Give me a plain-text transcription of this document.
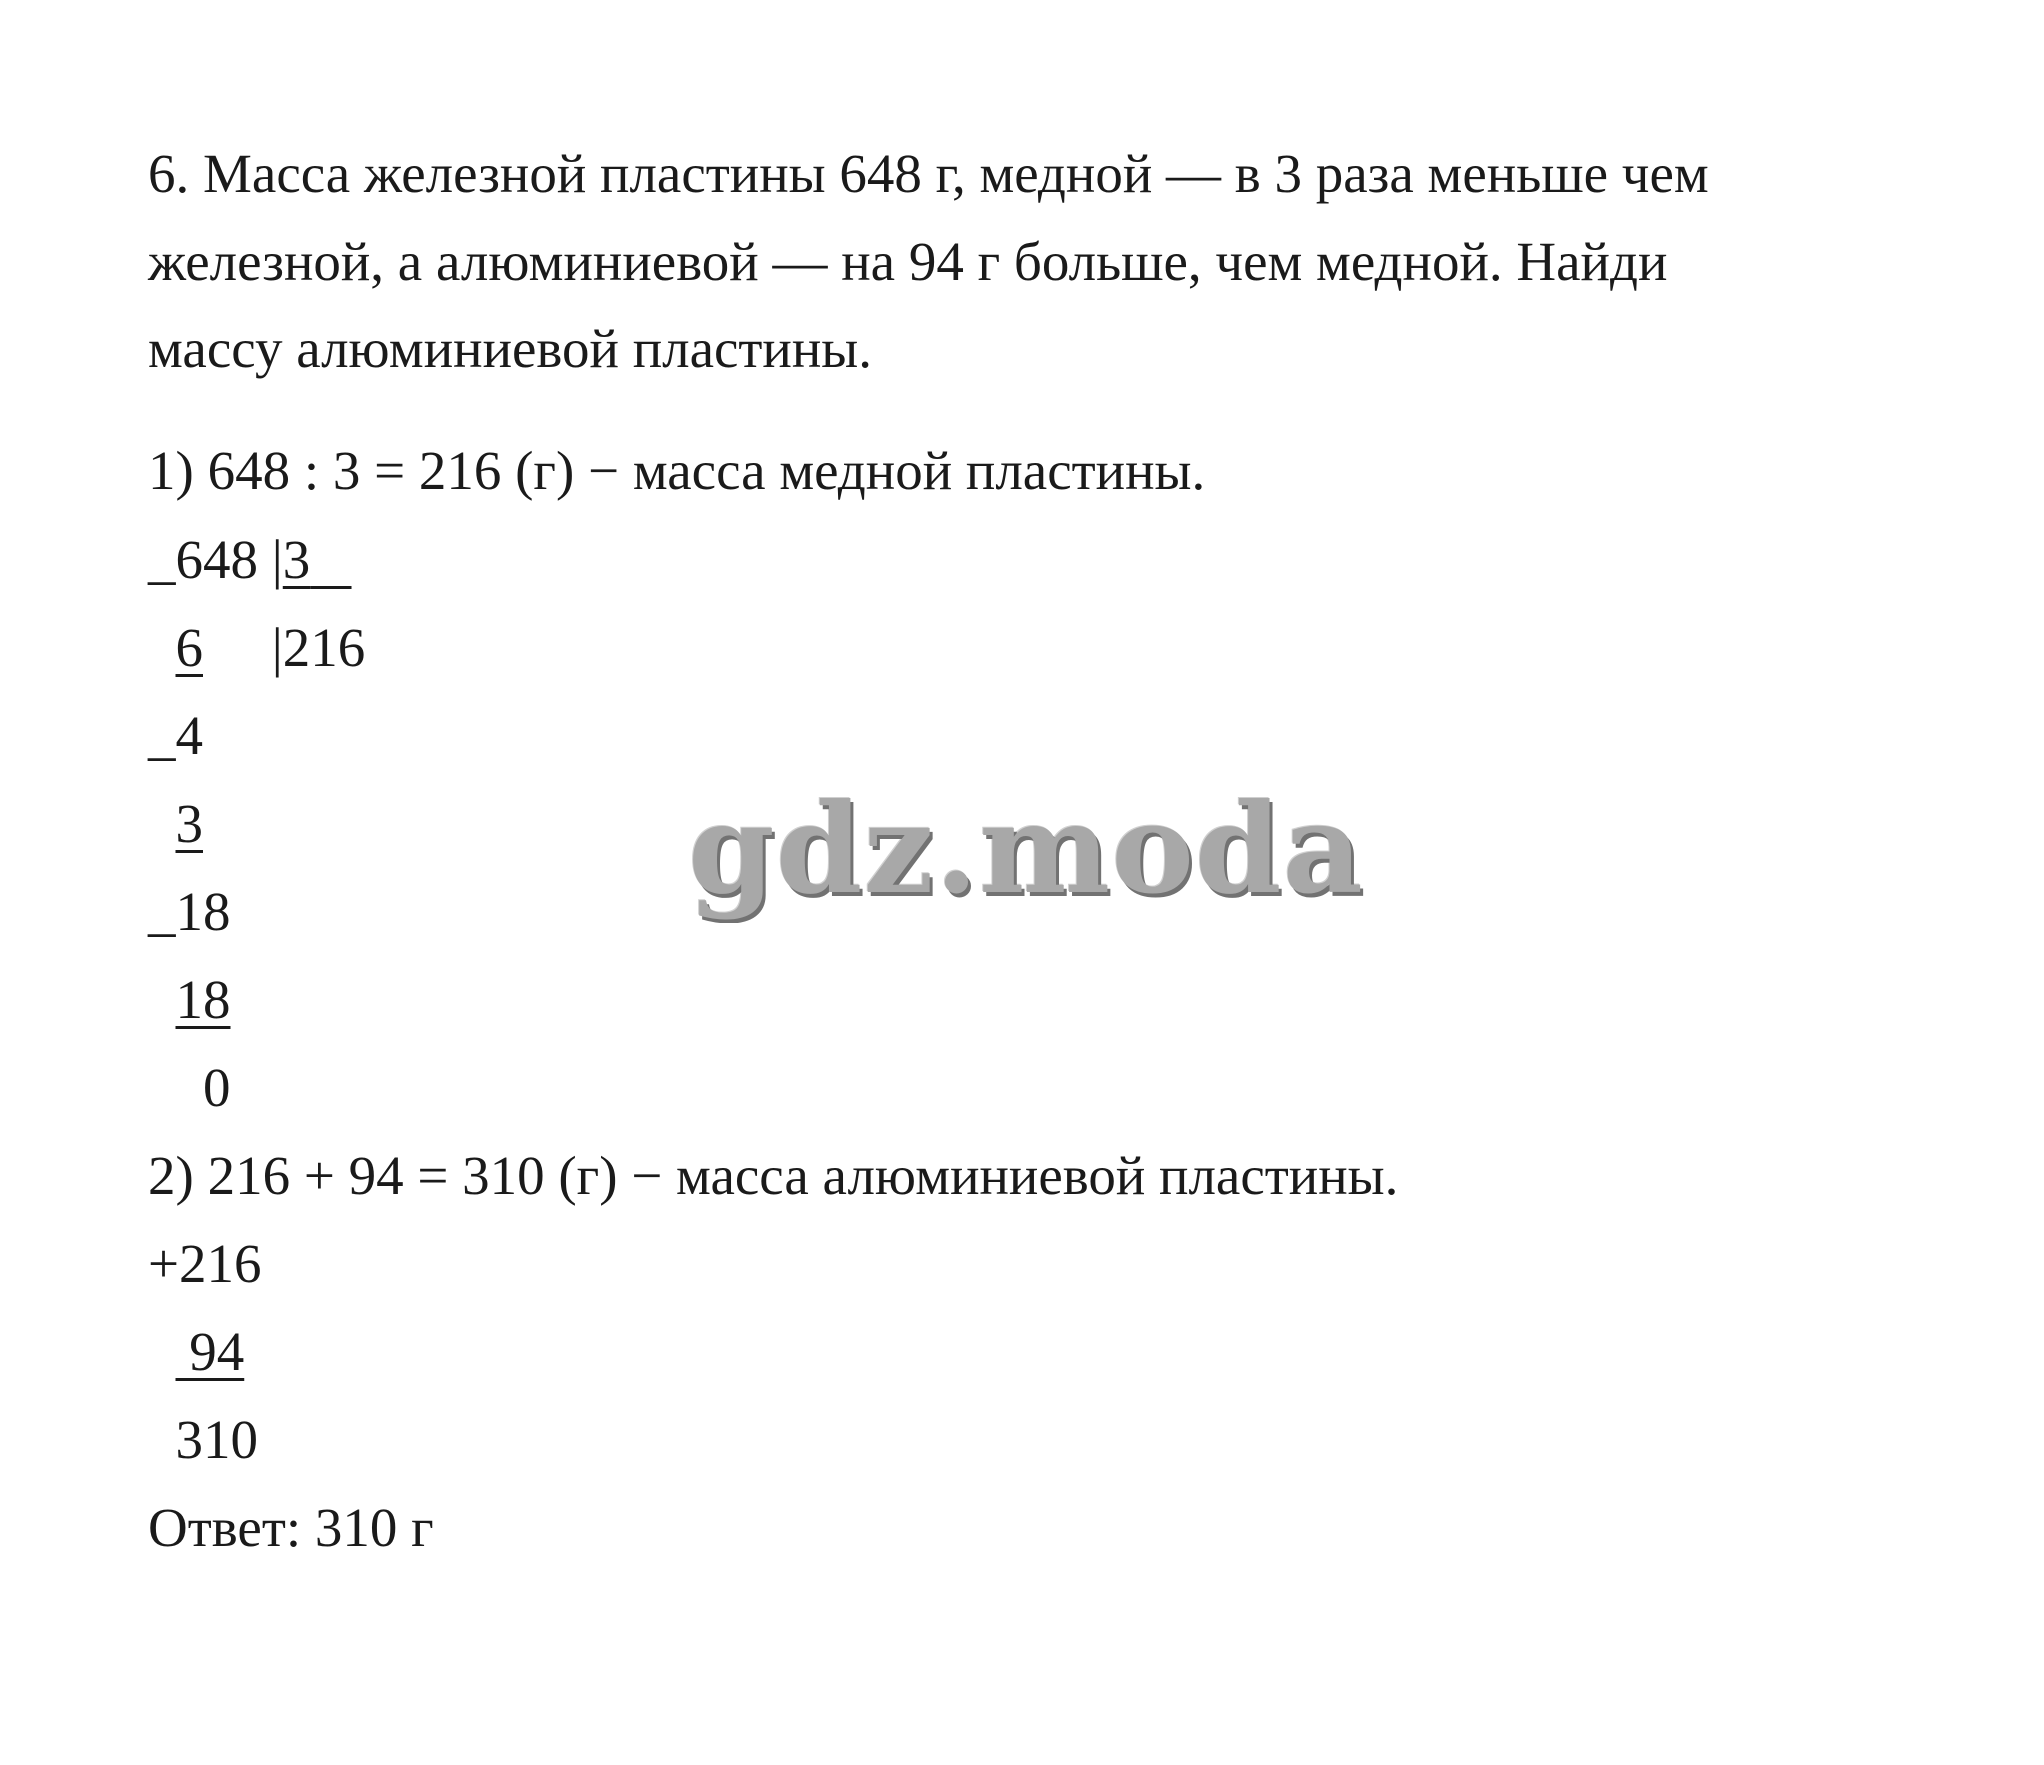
6. Масса железной пластины 648 г, медной — в 3 раза меньше чем
железной, а алюминиевой — на 94 г больше, чем медной. Найди
массу алюминиевой пластины.
1) 648 : 3 = 216 (г) − масса медной пластины.
_648 |3
6     |216
_4
3
_18
18
0
2) 216 + 94 = 310 (г) − масса алюминиевой пластины.
+216
94
310
Ответ: 310 г
gdz.moda
